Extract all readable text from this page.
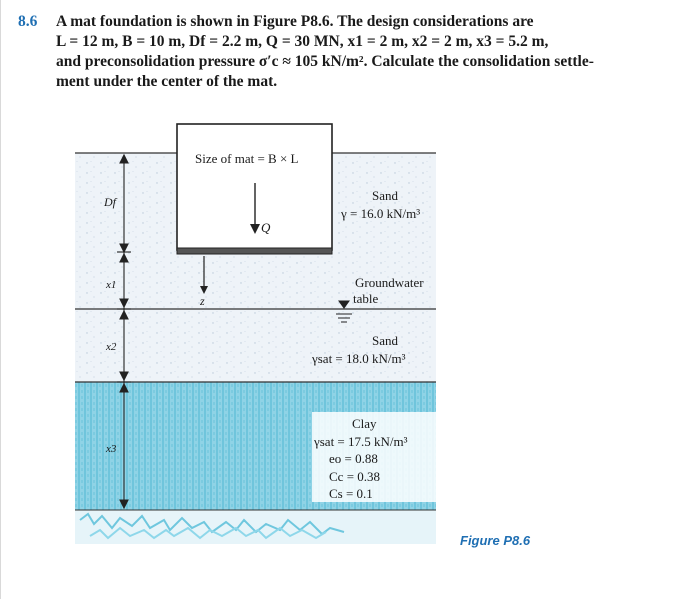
8.6 A mat foundation is shown in Figure P8.6. The design considerations are

L = 12 m, B = 10 m, Df = 2.2 m, Q = 30 MN, x1 = 2 m, x2 = 2 m, x3 = 5.2 m,

and preconsolidation pressure σ′c ≈ 105 kN/m². Calculate the consolidation settle-

ment under the center of the mat.

Size of mat = B × L
Q
z
Df
x1
x2
x3
Sand
γ = 16.0 kN/m³
Groundwater
table
Sand
γsat = 18.0 kN/m³
Clay
γsat = 17.5 kN/m³
eo = 0.88
Cc = 0.38
Cs = 0.1
Figure P8.6
